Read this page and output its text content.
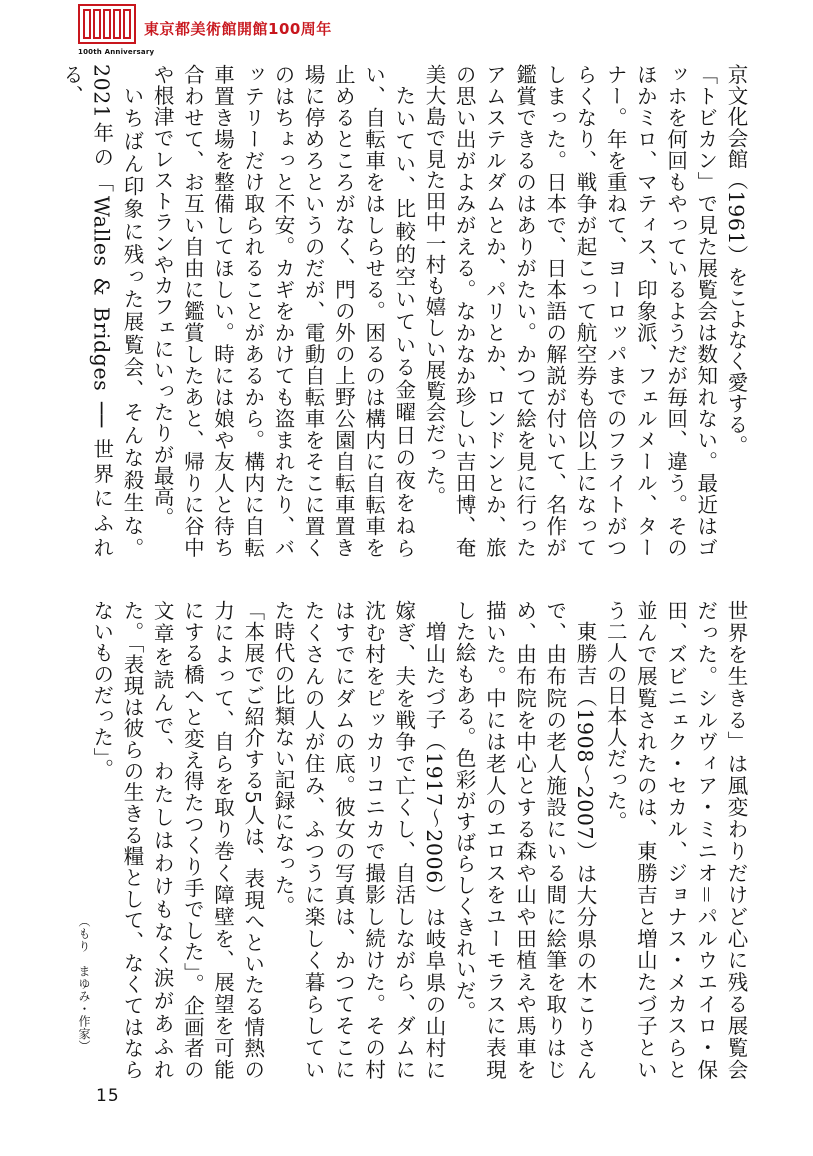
東京都美術館開館100周年
100th Anniversary

京文化会館（1961）をこよなく愛する。

「トビカン」で見た展覧会は数知れない。最近はゴッホを何回もやっているようだが毎回、違う。そのほかミロ、マティス、印象派、フェルメール、ターナー。年を重ねて、ヨーロッパまでのフライトがつらくなり、戦争が起こって航空券も倍以上になってしまった。日本で、日本語の解説が付いて、名作が鑑賞できるのはありがたい。かつて絵を見に行ったアムステルダムとか、パリとか、ロンドンとか、旅の思い出がよみがえる。なかなか珍しい吉田博、奄美大島で見た田中一村も嬉しい展覧会だった。

たいてい、比較的空いている金曜日の夜をねらい、自転車をはしらせる。困るのは構内に自転車を止めるところがなく、門の外の上野公園自転車置き場に停めろというのだが、電動自転車をそこに置くのはちょっと不安。カギをかけても盗まれたり、バッテリーだけ取られることがあるから。構内に自転車置き場を整備してほしい。時には娘や友人と待ち合わせて、お互い自由に鑑賞したあと、帰りに谷中や根津でレストランやカフェにいったりが最高。

いちばん印象に残った展覧会、そんな殺生な。2021年の「Walles & Bridges ── 世界にふれる、

世界を生きる」は風変わりだけど心に残る展覧会だった。シルヴィア・ミニオ＝パルウエイロ・保田、ズビニェク・セカル、ジョナス・メカスらと並んで展覧されたのは、東勝吉と増山たづ子という二人の日本人だった。

東勝吉（1908〜2007）は大分県の木こりさんで、由布院の老人施設にいる間に絵筆を取りはじめ、由布院を中心とする森や山や田植えや馬車を描いた。中には老人のエロスをユーモラスに表現した絵もある。色彩がすばらしくきれいだ。

増山たづ子（1917〜2006）は岐阜県の山村に嫁ぎ、夫を戦争で亡くし、自活しながら、ダムに沈む村をピッカリコニカで撮影し続けた。その村はすでにダムの底。彼女の写真は、かつてそこにたくさんの人が住み、ふつうに楽しく暮らしていた時代の比類ない記録になった。

「本展でご紹介する5人は、表現へといたる情熱の力によって、自らを取り巻く障壁を、展望を可能にする橋へと変え得たつくり手でした」。企画者の文章を読んで、わたしはわけもなく涙があふれた。「表現は彼らの生きる糧として、なくてはならないものだった」。

（もり　まゆみ・作家）
15
